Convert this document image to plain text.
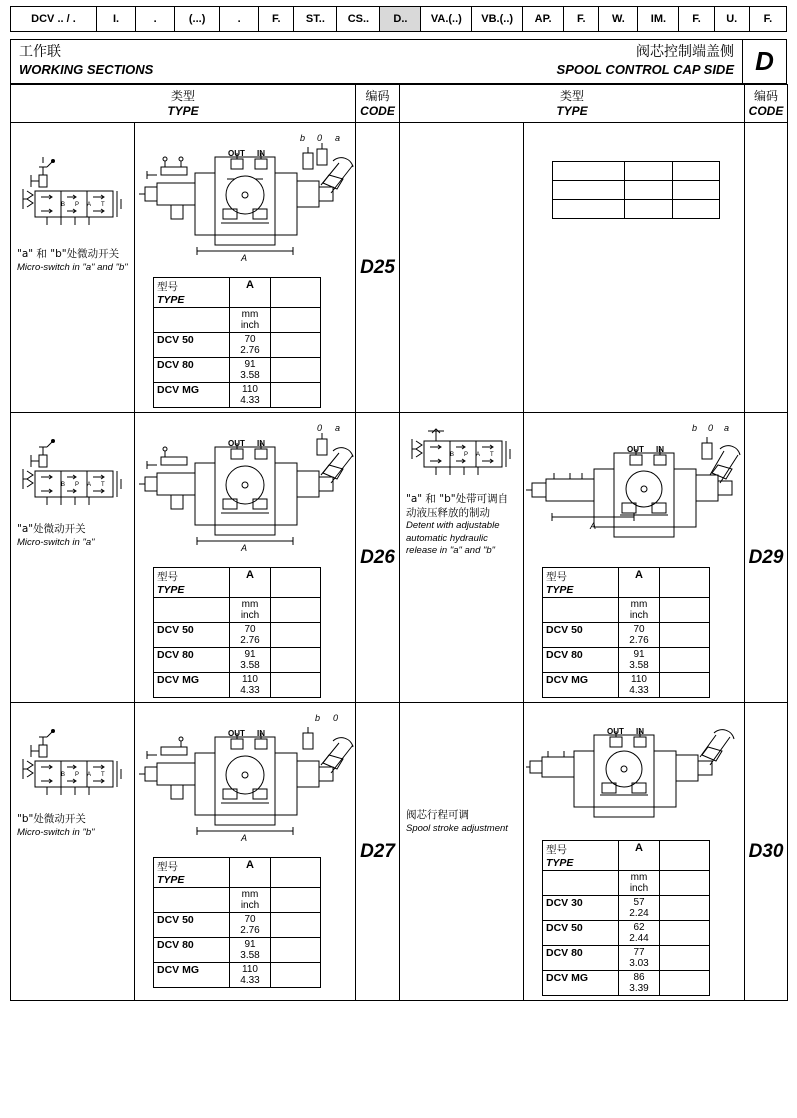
DCV .. / .	I.	.	(...)	.	F.	ST..	CS..	D..	VA.(..)	VB.(..)	AP.	F.	W.	IM.	F.	U.	F.
工作联
WORKING SECTIONS
阀芯控制端盖侧
SPOOL CONTROL CAP SIDE D
类型
TYPE

编码
CODE

类型
TYPE

编码
CODE

B P A T
"a" 和 "b"处微动开关
Micro-switch in "a" and "b"

OUT IN
a
0
b
A
型号
TYPE
	A	

mm
inch

DCV 50	70
2.76

DCV 80	91
3.58

DCV MG	110
4.33

	D25		

B P A T
"a"处微动开关
Micro-switch in "a"

OUT IN
a
0
A
型号
TYPE
	A	

mm
inch

DCV 50	70
2.76

DCV 80	91
3.58

DCV MG	110
4.33

	D26	
B P A T
"a" 和 "b"处带可调自动液压释放的制动
Detent with adjustable automatic hydraulic release in "a" and "b"

OUT IN
a
0
b
A
型号
TYPE
	A	

mm
inch

DCV 50	70
2.76

DCV 80	91
3.58

DCV MG	110
4.33

	D29

B P A T
"b"处微动开关
Micro-switch in "b"

OUT IN
0
b
A
型号
TYPE
	A	

mm
inch

DCV 50	70
2.76

DCV 80	91
3.58

DCV MG	110
4.33

	D27	
阀芯行程可调
Spool stroke adjustment

OUT IN
型号
TYPE
	A	

mm
inch

DCV 30	57
2.24

DCV 50	62
2.44

DCV 80	77
3.03

DCV MG	86
3.39

	D30
